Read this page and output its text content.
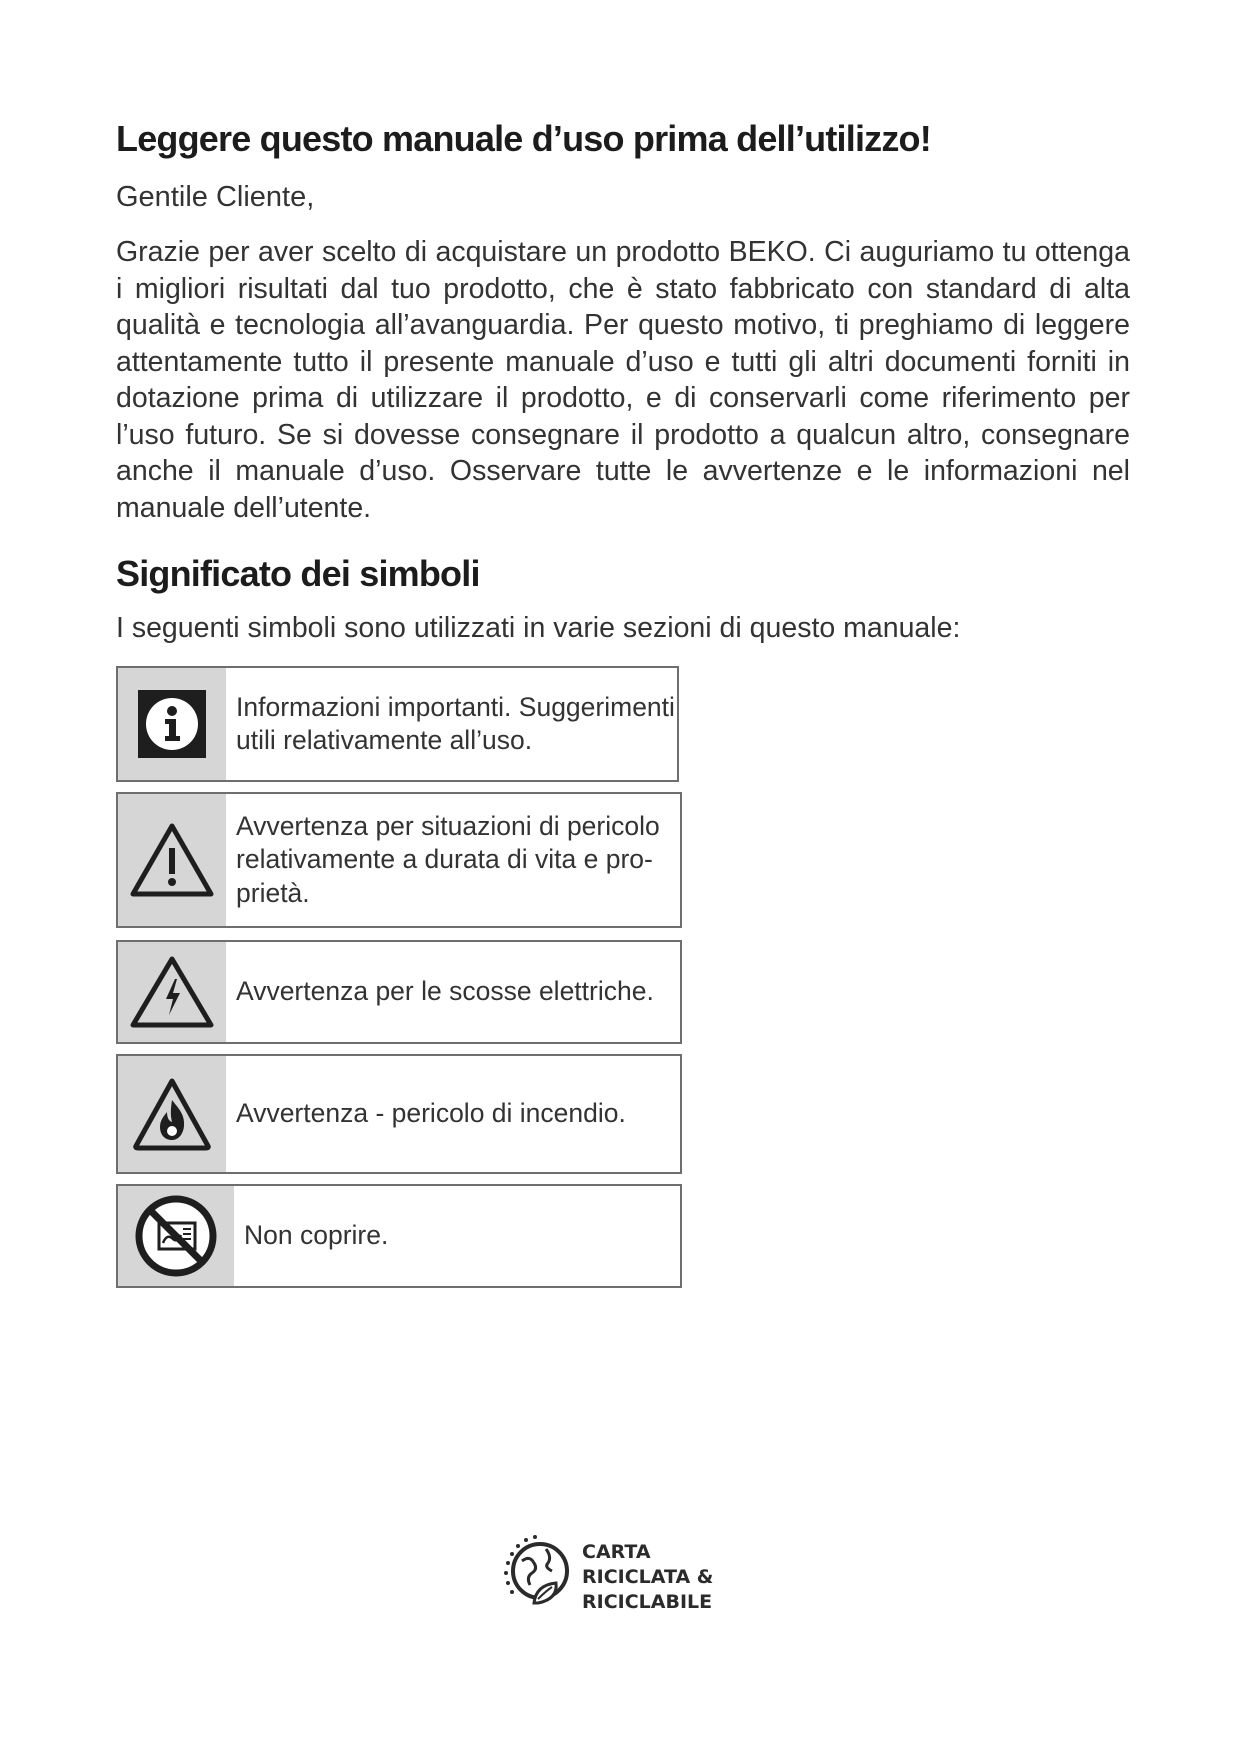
Leggere questo manuale d’uso prima dell’utilizzo!
Gentile Cliente,

Grazie per aver scelto di acquistare un prodotto BEKO. Ci auguriamo tu ottenga i migliori risultati dal tuo prodotto, che è stato fabbricato con standard di alta qualità e tecnologia all’avanguardia. Per questo motivo, ti preghiamo di leggere attentamente tutto il presente manuale d’uso e tutti gli altri documenti forniti in dotazione prima di utilizzare il prodotto, e di conservarli come riferimento per l’uso futuro. Se si dovesse consegnare il prodotto a qualcun altro, consegnare anche il manuale d’uso. Osservare tutte le avvertenze e le informazioni nel manuale dell’utente.

Significato dei simboli
I seguenti simboli sono utilizzati in varie sezioni di questo manuale:
Informazioni importanti. Suggerimenti utili relativamente all’uso.
Avvertenza per situazioni di pericolo relativamente a durata di vita e pro-prietà.
Avvertenza per le scosse elettriche.
Avvertenza - pericolo di incendio.
Non coprire.
CARTA
RICICLATA &
RICICLABILE
